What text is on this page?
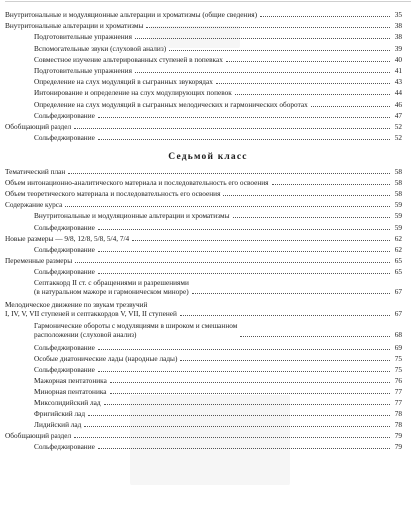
Внутритональные и модуляционные альтерации и хроматизмы (общие сведения)	35
Внутритональные альтерации и хроматизмы	38
Подготовительные упражнения	38
Вспомогательные звуки (слуховой анализ)	39
Совместное изучение альтерированных ступеней в попевках	40
Подготовительные упражнения	41
Определение на слух модуляций в сыгранных звукорядах	43
Интонирование и определение на слух модулирующих попевок	44
Определение на слух модуляций в сыгранных мелодических и гармонических оборотах	46
Сольфеджирование	47
Обобщающий раздел	52
Сольфеджирование	52
Седьмой класс
Тематический план	58
Объем интонационно-аналитического материала и последовательность его освоения	58
Объем теоретического материала и последовательность его освоения	58
Содержание курса	59
Внутритональные и модуляционные альтерации и хроматизмы	59
Сольфеджирование	59
Новые размеры — 9/8, 12/8, 5/8, 5/4, 7/4	62
Сольфеджирование	62
Переменные размеры	65
Сольфеджирование	65
Септаккорд II ст. с обращениями и разрешениями
(в натуральном мажоре и гармоническом миноре)	67
Мелодическое движение по звукам трезвучий
I, IV, V, VII ступеней и септаккордов V, VII, II ступеней	67
Гармонические обороты с модуляциями в широком и смешанном
расположении (слуховой анализ)	68
Сольфеджирование	69
Особые диатонические лады (народные лады)	75
Сольфеджирование	75
Мажорная пентатоника	76
Минорная пентатоника	77
Миксолидийский лад	77
Фригийский лад	78
Лидийский лад	78
Обобщающий раздел	79
Сольфеджирование	79
